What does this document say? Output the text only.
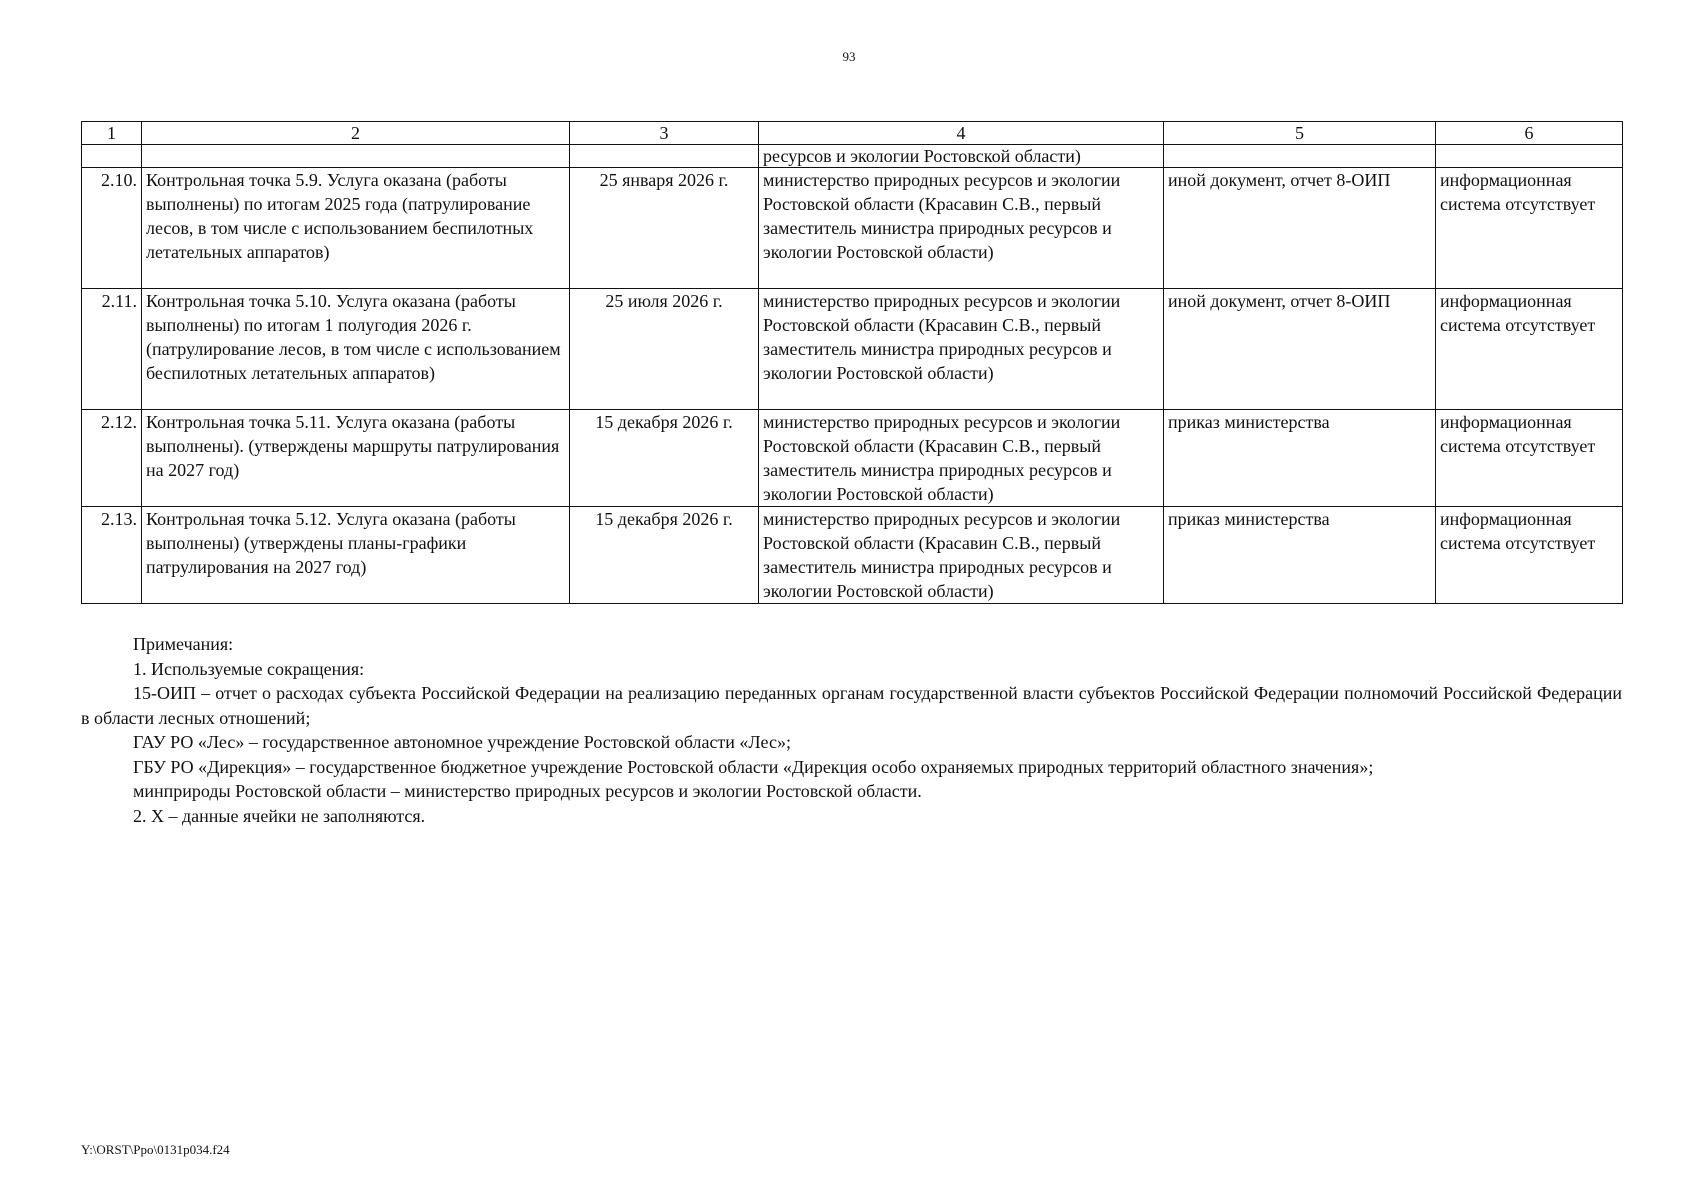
93
1	2	3	4	5	6
			ресурсов и экологии Ростовской области)		
2.10.	Контрольная точка 5.9. Услуга оказана (работы выполнены) по итогам 2025 года (патрулирование лесов, в том числе с использованием беспилотных летательных аппаратов)	25 января 2026 г.	министерство природных ресурсов и экологии Ростовской области (Красавин С.В., первый заместитель министра природных ресурсов и экологии Ростовской области)	иной документ, отчет 8-ОИП	информационная система отсутствует
2.11.	Контрольная точка 5.10. Услуга оказана (работы выполнены) по итогам 1 полугодия 2026 г. (патрулирование лесов, в том числе с использованием беспилотных летательных аппаратов)	25 июля 2026 г.	министерство природных ресурсов и экологии Ростовской области (Красавин С.В., первый заместитель министра природных ресурсов и экологии Ростовской области)	иной документ, отчет 8-ОИП	информационная система отсутствует
2.12.	Контрольная точка 5.11. Услуга оказана (работы выполнены). (утверждены маршруты патрулирования на 2027 год)	15 декабря 2026 г.	министерство природных ресурсов и экологии Ростовской области (Красавин С.В., первый заместитель министра природных ресурсов и экологии Ростовской области)	приказ министерства	информационная система отсутствует
2.13.	Контрольная точка 5.12. Услуга оказана (работы выполнены) (утверждены планы-графики патрулирования на 2027 год)	15 декабря 2026 г.	министерство природных ресурсов и экологии Ростовской области (Красавин С.В., первый заместитель министра природных ресурсов и экологии Ростовской области)	приказ министерства	информационная система отсутствует

Примечания:

1. Используемые сокращения:

15-ОИП – отчет о расходах субъекта Российской Федерации на реализацию переданных органам государственной власти субъектов Российской Федерации полномочий Российской Федерации в области лесных отношений;

ГАУ РО «Лес» – государственное автономное учреждение Ростовской области «Лес»;

ГБУ РО «Дирекция» – государственное бюджетное учреждение Ростовской области «Дирекция особо охраняемых природных территорий областного значения»;

минприроды Ростовской области – министерство природных ресурсов и экологии Ростовской области.

2. Х – данные ячейки не заполняются.

Y:\ORST\Ppo\0131p034.f24
